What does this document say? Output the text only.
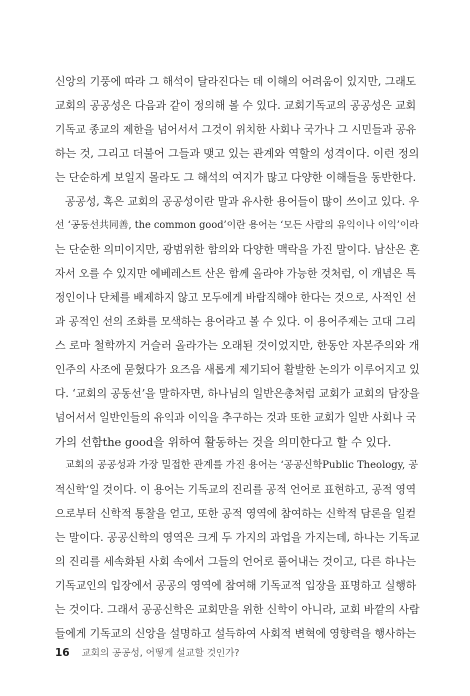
신앙의 기풍에 따라 그 해석이 달라진다는 데 이해의 어려움이 있지만, 그래도
교회의 공공성은 다음과 같이 정의해 볼 수 있다. 교회기독교의 공공성은 교회
기독교 종교의 제한을 넘어서서 그것이 위치한 사회나 국가나 그 시민들과 공유
하는 것, 그리고 더불어 그들과 맺고 있는 관계와 역할의 성격이다. 이런 정의
는 단순하게 보일지 몰라도 그 해석의 여지가 많고 다양한 이해들을 동반한다.
공공성, 혹은 교회의 공공성이란 말과 유사한 용어들이 많이 쓰이고 있다. 우
선 ‘공동선共同善, the common good’이란 용어는 ‘모든 사람의 유익이나 이익’이라
는 단순한 의미이지만, 광범위한 함의와 다양한 맥락을 가진 말이다. 남산은 혼
자서 오를 수 있지만 에베레스트 산은 함께 올라야 가능한 것처럼, 이 개념은 특
정인이나 단체를 배제하지 않고 모두에게 바람직해야 한다는 것으로, 사적인 선
과 공적인 선의 조화를 모색하는 용어라고 볼 수 있다. 이 용어주제는 고대 그리
스 로마 철학까지 거슬러 올라가는 오래된 것이었지만, 한동안 자본주의와 개
인주의 사조에 묻혔다가 요즈음 새롭게 제기되어 활발한 논의가 이루어지고 있
다. ‘교회의 공동선’을 말하자면, 하나님의 일반은총처럼 교회가 교회의 담장을
넘어서서 일반인들의 유익과 이익을 추구하는 것과 또한 교회가 일반 사회나 국
가의 선함the good을 위하여 활동하는 것을 의미한다고 할 수 있다.
교회의 공공성과 가장 밀접한 관계를 가진 용어는 ‘공공신학Public Theology, 공
적신학’일 것이다. 이 용어는 기독교의 진리를 공적 언어로 표현하고, 공적 영역
으로부터 신학적 통찰을 얻고, 또한 공적 영역에 참여하는 신학적 담론을 일컫
는 말이다. 공공신학의 영역은 크게 두 가지의 과업을 가지는데, 하나는 기독교
의 진리를 세속화된 사회 속에서 그들의 언어로 풀어내는 것이고, 다른 하나는
기독교인의 입장에서 공공의 영역에 참여해 기독교적 입장을 표명하고 실행하
는 것이다. 그래서 공공신학은 교회만을 위한 신학이 아니라, 교회 바깥의 사람
들에게 기독교의 신앙을 설명하고 설득하여 사회적 변혁에 영향력을 행사하는
16 교회의 공공성, 어떻게 설교할 것인가?
